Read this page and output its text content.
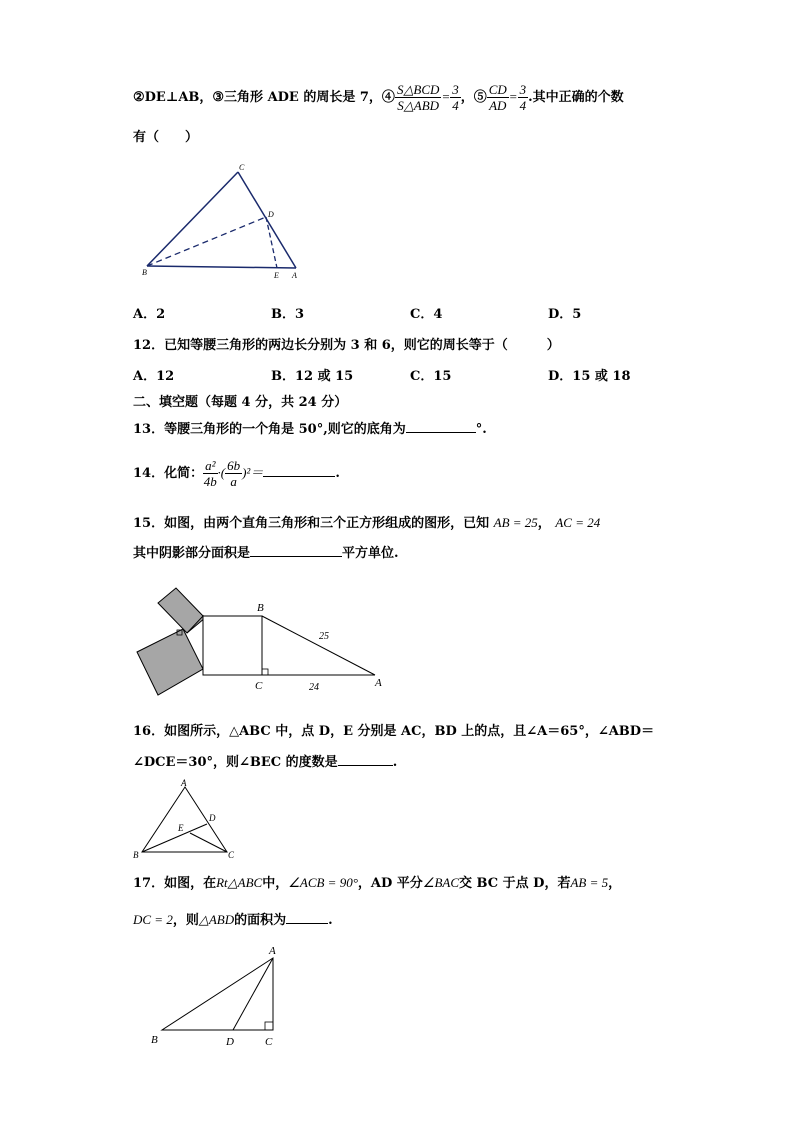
②DE⊥AB，③三角形 ADE 的周长是 7，④ $\frac{\text{S△BCD}}{\text{S△ABD}} = \frac{3}{4}$ ，⑤ $\frac{CD}{AD} = \frac{3}{4}$ .其中正确的个数
有（　　）
C
D
B	E A
A．2	B．3	C．4	D．5
12．已知等腰三角形的两边长分别为 3 和 6，则它的周长等于（　　　）
A．12	B．12 或 15	C．15	D．15 或 18
二、填空题（每题 4 分，共 24 分）
13．等腰三角形的一个角是 50°,则它的底角为	°.
14．化简： $\frac{\text{a²}}{4b}$ ·( $\frac{6b}{a} )^2=$	.
15．如图，由两个直角三角形和三个正方形组成的图形，已知 AB = 25， AC = 24
其中阴影部分面积是	平方单位.
B
C	A
25
24
16．如图所示，△ABC 中，点 D，E 分别是 AC，BD 上的点，且∠A＝65°，∠ABD＝
∠DCE＝30°，则∠BEC 的度数是	.
A
D
E
B	C
17．如图，在Rt△ABC中，∠ACB = 90°，AD 平分∠BAC交 BC 于点 D，若AB = 5，
DC = 2，则△ABD的面积为	.
A
B	D	C
